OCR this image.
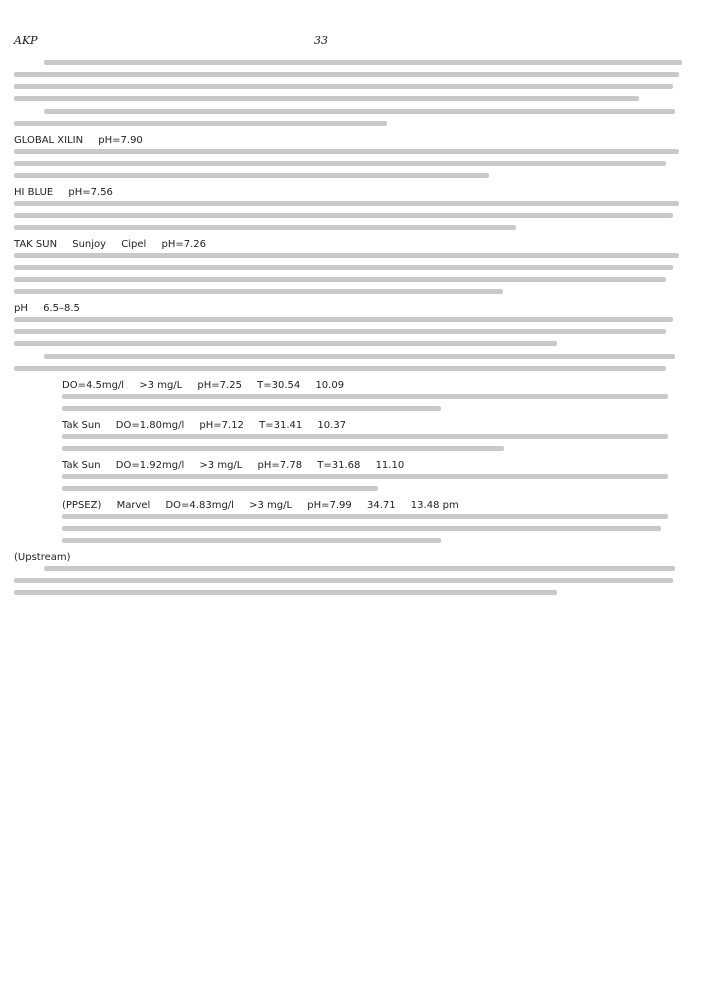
AKP	33
GLOBAL XILIN pH=7.90
HI BLUE pH=7.56
TAK SUN Sunjoy Cipel pH=7.26
pH 6.5–8.5
DO=4.5mg/l >3 mg/L pH=7.25 T=30.54 10.09
Tak Sun DO=1.80mg/l pH=7.12 T=31.41 10.37
Tak Sun DO=1.92mg/l >3 mg/L pH=7.78 T=31.68 11.10
(PPSEZ) Marvel DO=4.83mg/l >3 mg/L pH=7.99 34.71 13.48 pm
(Upstream)
